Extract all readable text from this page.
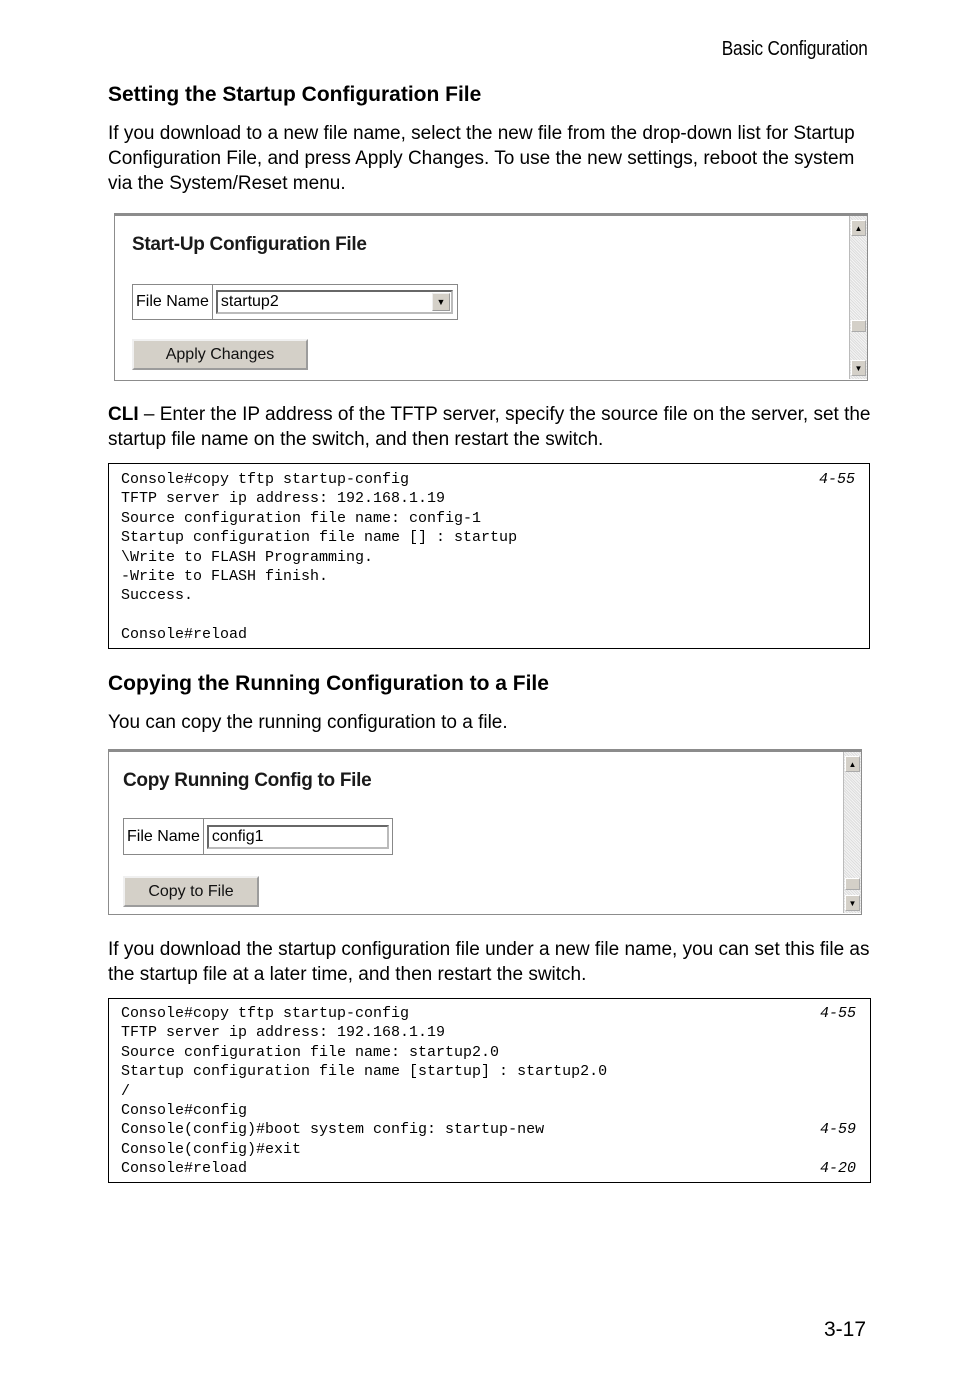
Basic Configuration
Setting the Startup Configuration File

If you download to a new file name, select the new file from the drop-down list for Startup Configuration File, and press Apply Changes. To use the new settings, reboot the system via the System/Reset menu.

Start-Up Configuration File
File Name startup2	▼
Apply Changes
▲
▼

CLI – Enter the IP address of the TFTP server, specify the source file on the server, set the startup file name on the switch, and then restart the switch.

Console#copy tftp startup-config	4-55
TFTP server ip address: 192.168.1.19
Source configuration file name: config-1
Startup configuration file name [] : startup
\Write to FLASH Programming.
-Write to FLASH finish.
Success.
Console#reload
Copying the Running Configuration to a File

You can copy the running configuration to a file.

Copy Running Config to File
File Name config1
Copy to File
▲
▼

If you download the startup configuration file under a new file name, you can set this file as the startup file at a later time, and then restart the switch.

Console#copy tftp startup-config	4-55
TFTP server ip address: 192.168.1.19
Source configuration file name: startup2.0
Startup configuration file name [startup] : startup2.0
/
Console#config
Console(config)#boot system config: startup-new	4-59
Console(config)#exit
Console#reload	4-20
3-17
